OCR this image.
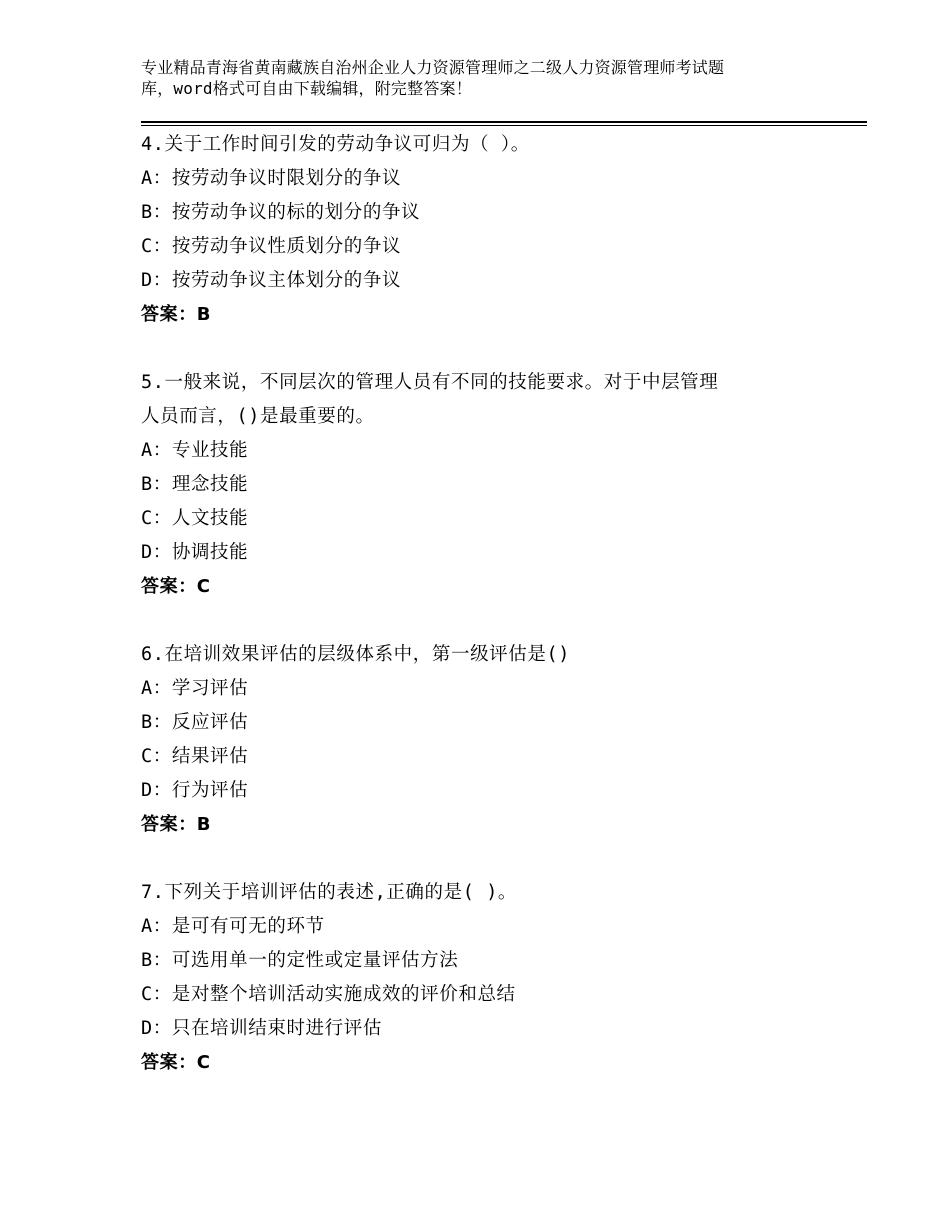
专业精品青海省黄南藏族自治州企业人力资源管理师之二级人力资源管理师考试题
库，word格式可自由下载编辑，附完整答案！
4.关于工作时间引发的劳动争议可归为（ ）。
A：按劳动争议时限划分的争议
B：按劳动争议的标的划分的争议
C：按劳动争议性质划分的争议
D：按劳动争议主体划分的争议
答案：B
5.一般来说，不同层次的管理人员有不同的技能要求。对于中层管理
人员而言，()是最重要的。
A：专业技能
B：理念技能
C：人文技能
D：协调技能
答案：C
6.在培训效果评估的层级体系中，第一级评估是()
A：学习评估
B：反应评估
C：结果评估
D：行为评估
答案：B
7.下列关于培训评估的表述,正确的是( )。
A：是可有可无的环节
B：可选用单一的定性或定量评估方法
C：是对整个培训活动实施成效的评价和总结
D：只在培训结束时进行评估
答案：C
